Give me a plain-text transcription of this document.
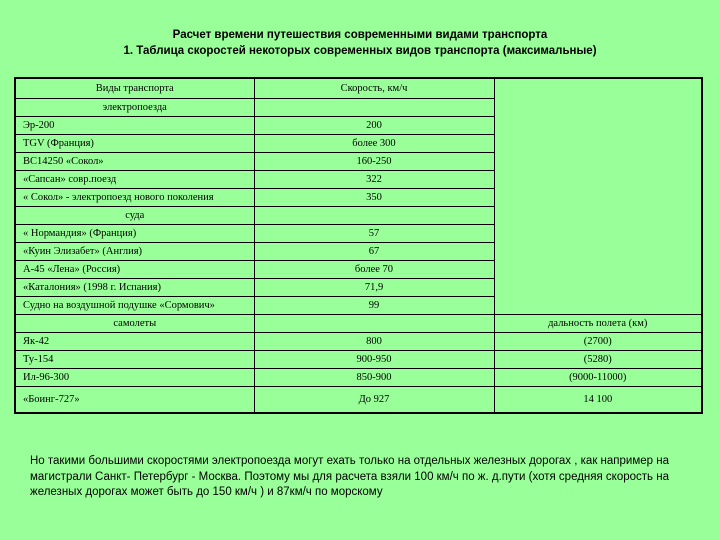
Расчет времени путешествия современными видами транспорта
1. Таблица скоростей некоторых современных видов транспорта (максимальные)
Виды транспорта	Скорость, км/ч	
электропоезда		
Эр-200	200	
TGV (Франция)	более 300	
ВС14250 «Сокол»	160-250	
«Сапсан» совр.поезд	322	
« Сокол» - электропоезд нового поколения	350	
суда		
« Нормандия» (Франция)	57	
«Куин Элизабет» (Англия)	67	
А-45 «Лена» (Россия)	более 70	
«Каталония» (1998 г. Испания)	71,9	
Судно на воздушной подушке «Сормович»	99	
самолеты		дальность полета (км)
Як-42	800	(2700)
Ту-154	900-950	(5280)
Ил-96-300	850-900	(9000-11000)
«Боинг-727»	До 927	14 100
Но такими большими скоростями электропоезда могут ехать только на отдельных железных дорогах , как например на магистрали Санкт- Петербург - Москва. Поэтому мы для расчета взяли 100 км/ч по ж. д.пути (хотя средняя скорость на железных дорогах может быть до 150 км/ч ) и 87км/ч по морскому
